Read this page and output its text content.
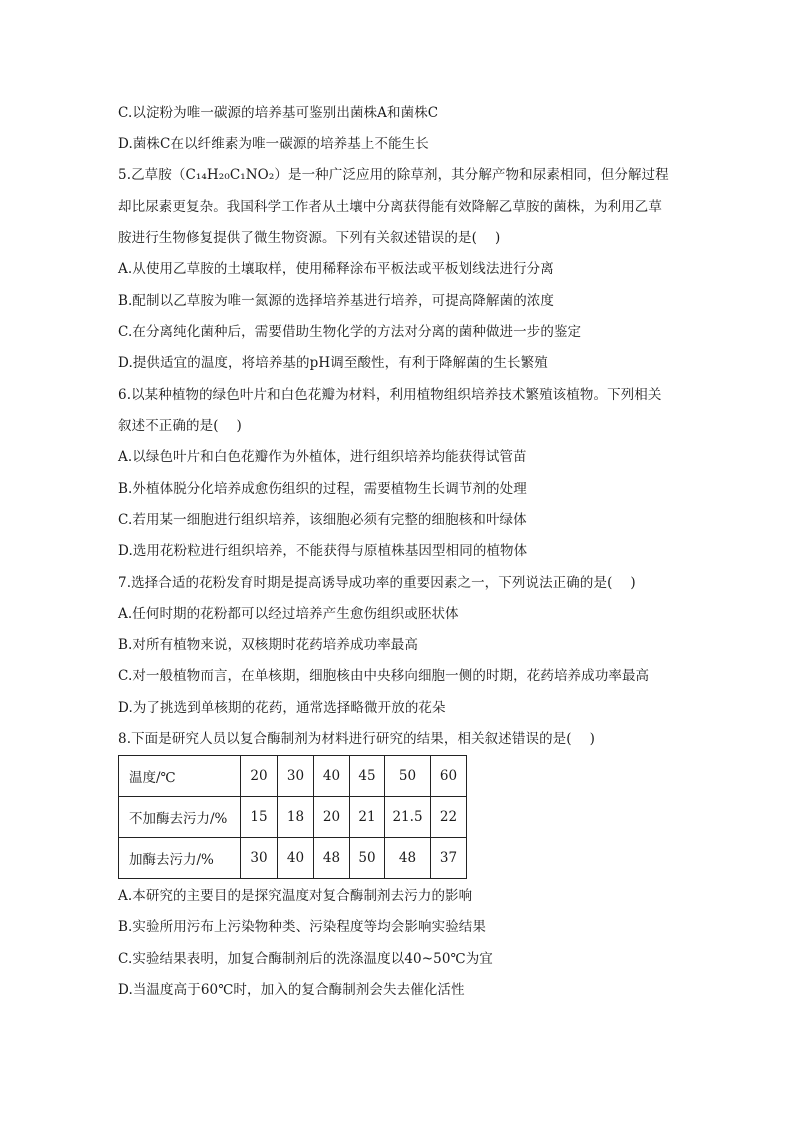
C.以淀粉为唯一碳源的培养基可鉴别出菌株A和菌株C
D.菌株C在以纤维素为唯一碳源的培养基上不能生长
5.乙草胺（C₁₄H₂₀C₁NO₂）是一种广泛应用的除草剂，其分解产物和尿素相同，但分解过程
却比尿素更复杂。我国科学工作者从土壤中分离获得能有效降解乙草胺的菌株，为利用乙草
胺进行生物修复提供了微生物资源。下列有关叙述错误的是(　 )
A.从使用乙草胺的土壤取样，使用稀释涂布平板法或平板划线法进行分离
B.配制以乙草胺为唯一氮源的选择培养基进行培养，可提高降解菌的浓度
C.在分离纯化菌种后，需要借助生物化学的方法对分离的菌种做进一步的鉴定
D.提供适宜的温度，将培养基的pH调至酸性，有利于降解菌的生长繁殖
6.以某种植物的绿色叶片和白色花瓣为材料，利用植物组织培养技术繁殖该植物。下列相关
叙述不正确的是(　 )
A.以绿色叶片和白色花瓣作为外植体，进行组织培养均能获得试管苗
B.外植体脱分化培养成愈伤组织的过程，需要植物生长调节剂的处理
C.若用某一细胞进行组织培养，该细胞必须有完整的细胞核和叶绿体
D.选用花粉粒进行组织培养，不能获得与原植株基因型相同的植物体
7.选择合适的花粉发育时期是提高诱导成功率的重要因素之一，下列说法正确的是(　 )
A.任何时期的花粉都可以经过培养产生愈伤组织或胚状体
B.对所有植物来说，双核期时花药培养成功率最高
C.对一般植物而言，在单核期，细胞核由中央移向细胞一侧的时期，花药培养成功率最高
D.为了挑选到单核期的花药，通常选择略微开放的花朵
8.下面是研究人员以复合酶制剂为材料进行研究的结果，相关叙述错误的是(　 )
温度/℃	20	30	40	45	50	60
不加酶去污力/%	15	18	20	21	21.5	22
加酶去污力/%	30	40	48	50	48	37
A.本研究的主要目的是探究温度对复合酶制剂去污力的影响
B.实验所用污布上污染物种类、污染程度等均会影响实验结果
C.实验结果表明，加复合酶制剂后的洗涤温度以40~50℃为宜
D.当温度高于60℃时，加入的复合酶制剂会失去催化活性
